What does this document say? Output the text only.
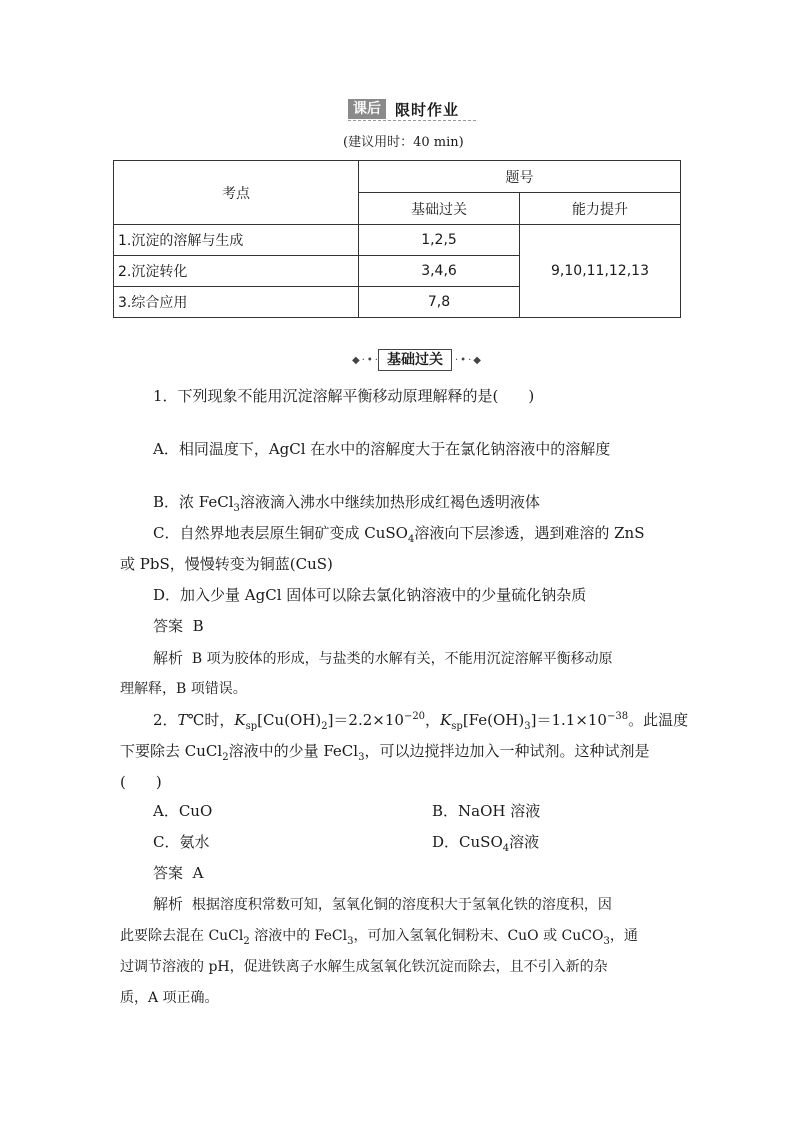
课后 限时作业
(建议用时：40 min)
考点	题号	
	基础过关	能力提升
1.沉淀的溶解与生成	1,2,5	9,10,11,12,13
2.沉淀转化	3,4,6	
3.综合应用	7,8	
◆·•· 基础过关	·•·◆
1．下列现象不能用沉淀溶解平衡移动原理解释的是(　　)
A．相同温度下，AgCl 在水中的溶解度大于在氯化钠溶液中的溶解度
B．浓 FeCl$_3$溶液滴入沸水中继续加热形成红褐色透明液体
C．自然界地表层原生铜矿变成 CuSO$_4$溶液向下层渗透，遇到难溶的 ZnS
或 PbS，慢慢转变为铜蓝(CuS)
D．加入少量 AgCl 固体可以除去氯化钠溶液中的少量硫化钠杂质
答案 B
解析 B 项为胶体的形成，与盐类的水解有关，不能用沉淀溶解平衡移动原
理解释，B 项错误。
2．T℃时，$K_{sp}[Cu(OH)_2]=2.2\times 10^{-20}$，$K_{sp}[Fe(OH)_3]=1.1\times 10^{-38}$。此温度
下要除去 CuCl$_2$溶液中的少量 FeCl$_3$，可以边搅拌边加入一种试剂。这种试剂是
(　　)
A．CuO	B．NaOH 溶液
C．氨水	D．CuSO$_4$溶液
答案 A
解析 根据溶度积常数可知，氢氧化铜的溶度积大于氢氧化铁的溶度积，因
此要除去混在 CuCl$_2$ 溶液中的 FeCl$_3$，可加入氢氧化铜粉末、CuO 或 CuCO$_3$，通
过调节溶液的 pH，促进铁离子水解生成氢氧化铁沉淀而除去，且不引入新的杂
质，A 项正确。
